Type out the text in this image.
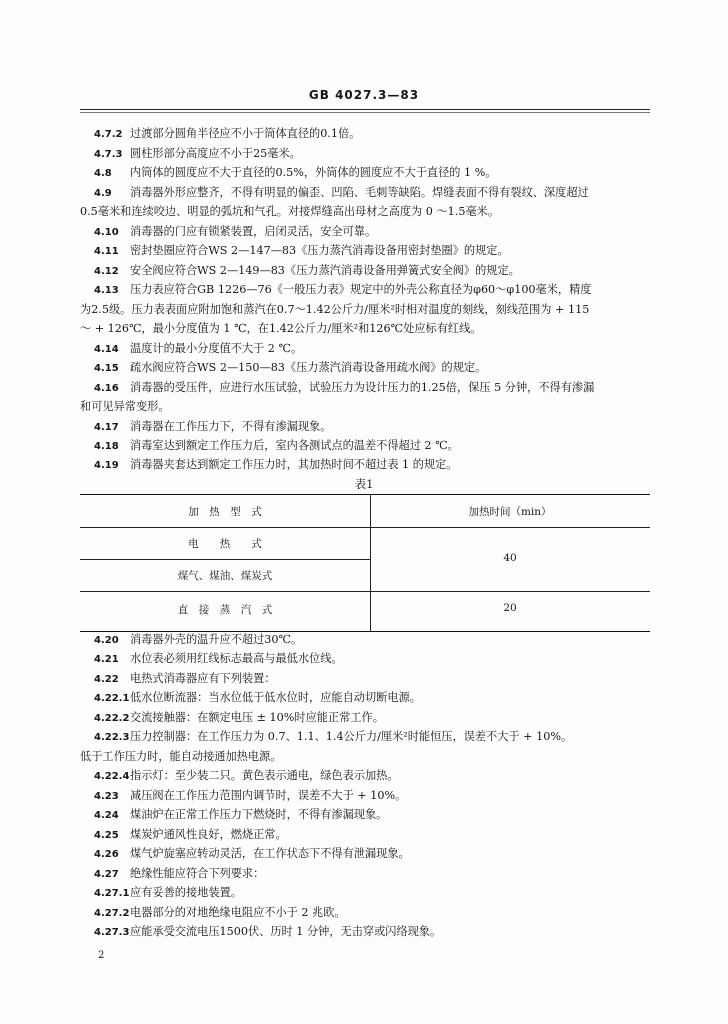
GB 4027.3—83

4.7.2 过渡部分圆角半径应不小于筒体直径的0.1倍。

4.7.3 圆柱形部分高度应不小于25毫米。

4.8 内筒体的圆度应不大于直径的0.5%，外筒体的圆度应不大于直径的 1 %。

4.9 消毒器外形应整齐，不得有明显的偏歪、凹陷、毛刺等缺陷。焊缝表面不得有裂纹、深度超过

0.5毫米和连续咬边、明显的弧坑和气孔。对接焊缝高出母材之高度为 0 ～1.5毫米。

4.10 消毒器的门应有锁紧装置，启闭灵活，安全可靠。

4.11 密封垫圈应符合WS 2—147—83《压力蒸汽消毒设备用密封垫圈》的规定。

4.12 安全阀应符合WS 2—149—83《压力蒸汽消毒设备用弹簧式安全阀》的规定。

4.13 压力表应符合GB 1226—76《一般压力表》规定中的外壳公称直径为φ60～φ100毫米，精度

为2.5级。压力表表面应附加饱和蒸汽在0.7～1.42公斤力/厘米²时相对温度的刻线，刻线范围为 + 115

～ + 126℃，最小分度值为 1 ℃，在1.42公斤力/厘米²和126℃处应标有红线。

4.14 温度计的最小分度值不大于 2 ℃。

4.15 疏水阀应符合WS 2—150—83《压力蒸汽消毒设备用疏水阀》的规定。

4.16 消毒器的受压件，应进行水压试验，试验压力为设计压力的1.25倍，保压 5 分钟，不得有渗漏

和可见异常变形。

4.17 消毒器在工作压力下，不得有渗漏现象。

4.18 消毒室达到额定工作压力后，室内各测试点的温差不得超过 2 ℃。

4.19 消毒器夹套达到额定工作压力时，其加热时间不超过表 1 的规定。

表1
加　热　型　式	加热时间（min）
电　　热　　式
煤气、煤油、煤炭式
40
直　接　蒸　汽　式	20

4.20 消毒器外壳的温升应不超过30℃。

4.21 水位表必须用红线标志最高与最低水位线。

4.22 电热式消毒器应有下列装置：

4.22.1低水位断流器：当水位低于低水位时，应能自动切断电源。

4.22.2交流接触器：在额定电压 ± 10%时应能正常工作。

4.22.3压力控制器：在工作压力为 0.7、1.1、1.4公斤力/厘米²时能恒压，误差不大于 + 10%。

低于工作压力时，能自动接通加热电源。

4.22.4指示灯：至少装二只。黄色表示通电，绿色表示加热。

4.23 减压阀在工作压力范围内调节时，误差不大于 + 10%。

4.24 煤油炉在正常工作压力下燃烧时，不得有渗漏现象。

4.25 煤炭炉通风性良好，燃烧正常。

4.26 煤气炉旋塞应转动灵活，在工作状态下不得有泄漏现象。

4.27 绝缘性能应符合下列要求：

4.27.1应有妥善的接地装置。

4.27.2电器部分的对地绝缘电阻应不小于 2 兆欧。

4.27.3应能承受交流电压1500伏、历时 1 分钟，无击穿或闪络现象。

2
